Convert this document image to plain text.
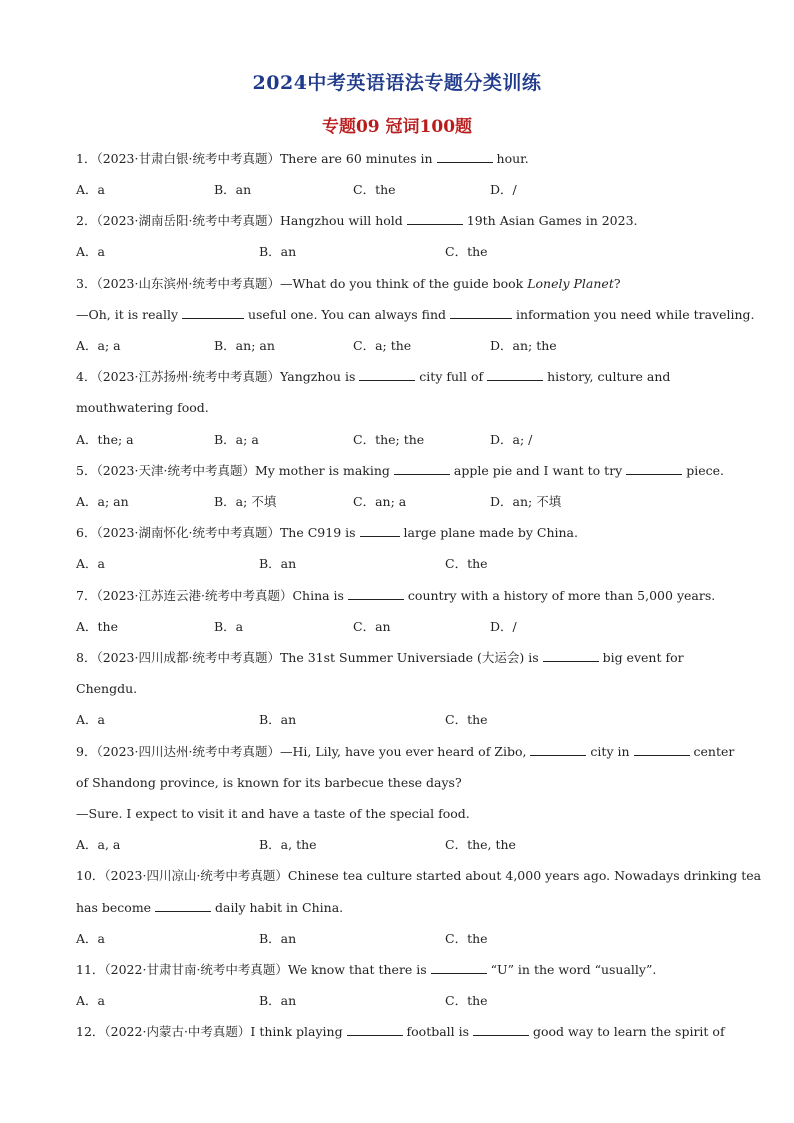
2024中考英语语法专题分类训练
专题09 冠词100题
1．（2023·甘肃白银·统考中考真题）There are 60 minutes in	hour.
A．a	B．an	C．the	D．/
2．（2023·湖南岳阳·统考中考真题）Hangzhou will hold	19th Asian Games in 2023.
A．a	B．an	C．the
3．（2023·山东滨州·统考中考真题）—What do you think of the guide book Lonely Planet?
—Oh, it is really	useful one. You can always find	information you need while traveling.
A．a; a	B．an; an	C．a; the	D．an; the
4．（2023·江苏扬州·统考中考真题）Yangzhou is	city full of	history, culture and
mouthwatering food.
A．the; a	B．a; a	C．the; the	D．a; /
5．（2023·天津·统考中考真题）My mother is making	apple pie and I want to try	piece.
A．a; an	B．a; 不填	C．an; a	D．an; 不填
6．（2023·湖南怀化·统考中考真题）The C919 is	large plane made by China.
A．a	B．an	C．the
7．（2023·江苏连云港·统考中考真题）China is	country with a history of more than 5,000 years.
A．the	B．a	C．an	D．/
8．（2023·四川成都·统考中考真题）The 31st Summer Universiade (大运会) is	big event for
Chengdu.
A．a	B．an	C．the
9．（2023·四川达州·统考中考真题）—Hi, Lily, have you ever heard of Zibo,	city in	center
of Shandong province, is known for its barbecue these days?
—Sure. I expect to visit it and have a taste of the special food.
A．a, a	B．a, the	C．the, the
10．（2023·四川凉山·统考中考真题）Chinese tea culture started about 4,000 years ago. Nowadays drinking tea
has become	daily habit in China.
A．a	B．an	C．the
11．（2022·甘肃甘南·统考中考真题）We know that there is	“U” in the word “usually”.
A．a	B．an	C．the
12．（2022·内蒙古·中考真题）I think playing	football is	good way to learn the spirit of
